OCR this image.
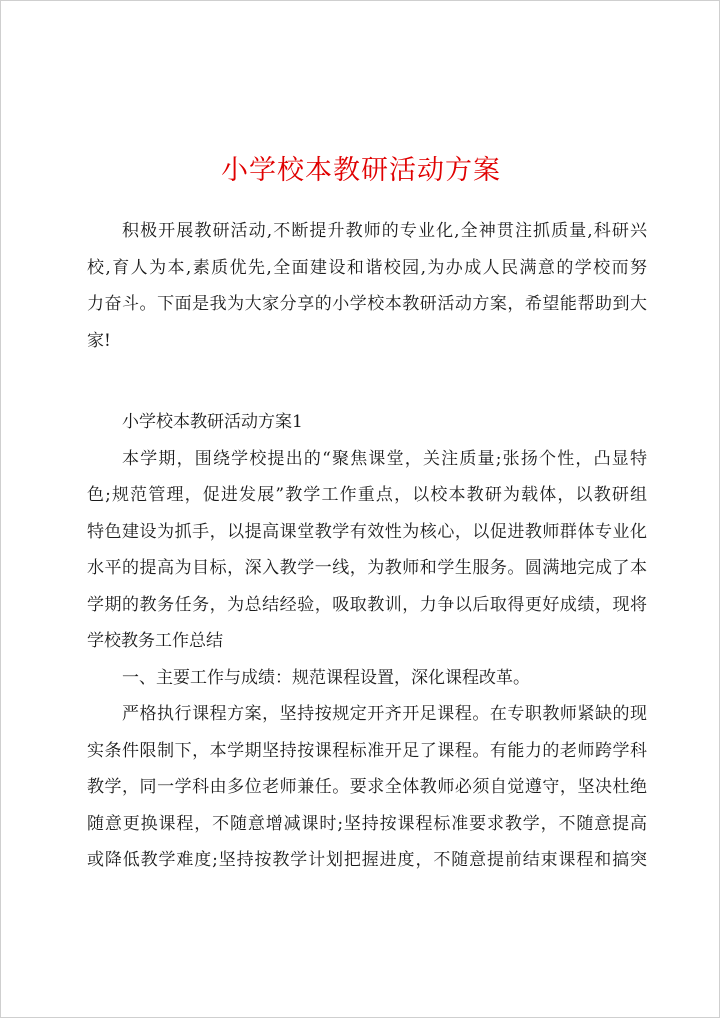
小学校本教研活动方案
积极开展教研活动,不断提升教师的专业化,全神贯注抓质量,科研兴
校,育人为本,素质优先,全面建设和谐校园,为办成人民满意的学校而努
力奋斗。下面是我为大家分享的小学校本教研活动方案，希望能帮助到大
家!
小学校本教研活动方案1
本学期，围绕学校提出的“聚焦课堂，关注质量;张扬个性，凸显特
色;规范管理，促进发展”教学工作重点，以校本教研为载体，以教研组
特色建设为抓手，以提高课堂教学有效性为核心，以促进教师群体专业化
水平的提高为目标，深入教学一线，为教师和学生服务。圆满地完成了本
学期的教务任务，为总结经验，吸取教训，力争以后取得更好成绩，现将
学校教务工作总结
一、主要工作与成绩：规范课程设置，深化课程改革。
严格执行课程方案，坚持按规定开齐开足课程。在专职教师紧缺的现
实条件限制下，本学期坚持按课程标准开足了课程。有能力的老师跨学科
教学，同一学科由多位老师兼任。要求全体教师必须自觉遵守，坚决杜绝
随意更换课程，不随意增减课时;坚持按课程标准要求教学，不随意提高
或降低教学难度;坚持按教学计划把握进度，不随意提前结束课程和搞突
